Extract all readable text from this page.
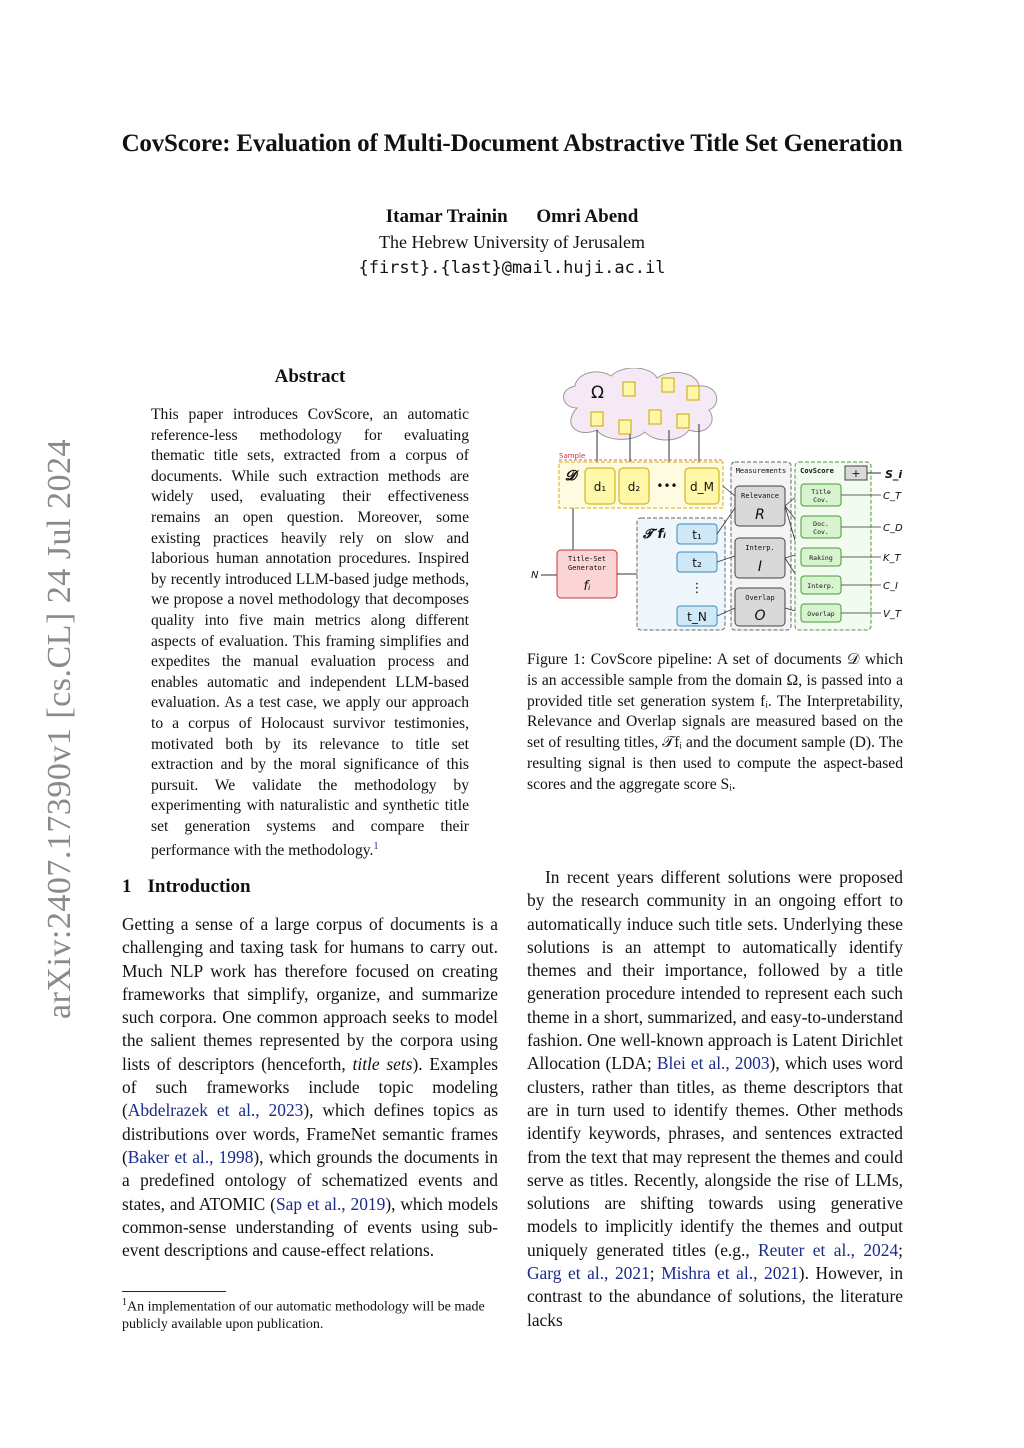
CovScore: Evaluation of Multi-Document Abstractive Title Set Generation
Itamar Trainin Omri Abend
The Hebrew University of Jerusalem
{first}.{last}@mail.huji.ac.il
arXiv:2407.17390v1 [cs.CL] 24 Jul 2024
Abstract
This paper introduces CovScore, an automatic reference-less methodology for evaluating thematic title sets, extracted from a corpus of documents. While such extraction methods are widely used, evaluating their effectiveness remains an open question. Moreover, some existing practices heavily rely on slow and laborious human annotation procedures. Inspired by recently introduced LLM-based judge methods, we propose a novel methodology that decomposes quality into five main metrics along different aspects of evaluation. This framing simplifies and expedites the manual evaluation process and enables automatic and independent LLM-based evaluation. As a test case, we apply our approach to a corpus of Holocaust survivor testimonies, motivated both by its relevance to title set extraction and by the moral significance of this pursuit. We validate the methodology by experimenting with naturalistic and synthetic title set generation systems and compare their performance with the methodology.$^1$
1 Introduction
Getting a sense of a large corpus of documents is a challenging and taxing task for humans to carry out. Much NLP work has therefore focused on creating frameworks that simplify, organize, and summarize such corpora. One common approach seeks to model the salient themes represented by the corpora using lists of descriptors (henceforth, title sets). Examples of such frameworks include topic modeling (Abdelrazek et al., 2023), which defines topics as distributions over words, FrameNet semantic frames (Baker et al., 1998), which grounds the documents in a predefined ontology of schematized events and states, and ATOMIC (Sap et al., 2019), which models common-sense understanding of events using sub-event descriptions and cause-effect relations.
$^1$An implementation of our automatic methodology will be made publicly available upon publication.
In recent years different solutions were proposed by the research community in an ongoing effort to automatically induce such title sets. Underlying these solutions is an attempt to automatically identify themes and their importance, followed by a title generation procedure intended to represent each such theme in a short, summarized, and easy-to-understand fashion. One well-known approach is Latent Dirichlet Allocation (LDA; Blei et al., 2003), which uses word clusters, rather than titles, as theme descriptors that are in turn used to identify themes. Other methods identify keywords, phrases, and sentences extracted from the text that may represent the themes and could serve as titles. Recently, alongside the rise of LLMs, solutions are shifting towards using generative models to implicitly identify the themes and output uniquely generated titles (e.g., Reuter et al., 2024; Garg et al., 2021; Mishra et al., 2021). However, in contrast to the abundance of solutions, the literature lacks
Ω
Sample
𝓓
d₁ d₂ ••• d_M
N
Title-Set
Generator
fᵢ
𝓣 fᵢ t₁
t₂
⋮
t_N
Measurements
Relevance
R
Interp.
I
Overlap
O
CovScore + S_i
Title
Cov.
Doc.
Cov.
Raking
Interp.
Overlap
C_T
C_D
K_T
C_I
V_T
Figure 1: CovScore pipeline: A set of documents 𝒟 which is an accessible sample from the domain Ω, is passed into a provided title set generation system fᵢ. The Interpretability, Relevance and Overlap signals are measured based on the set of resulting titles, 𝒯fᵢ and the document sample (D). The resulting signal is then used to compute the aspect-based scores and the aggregate score Sᵢ.
